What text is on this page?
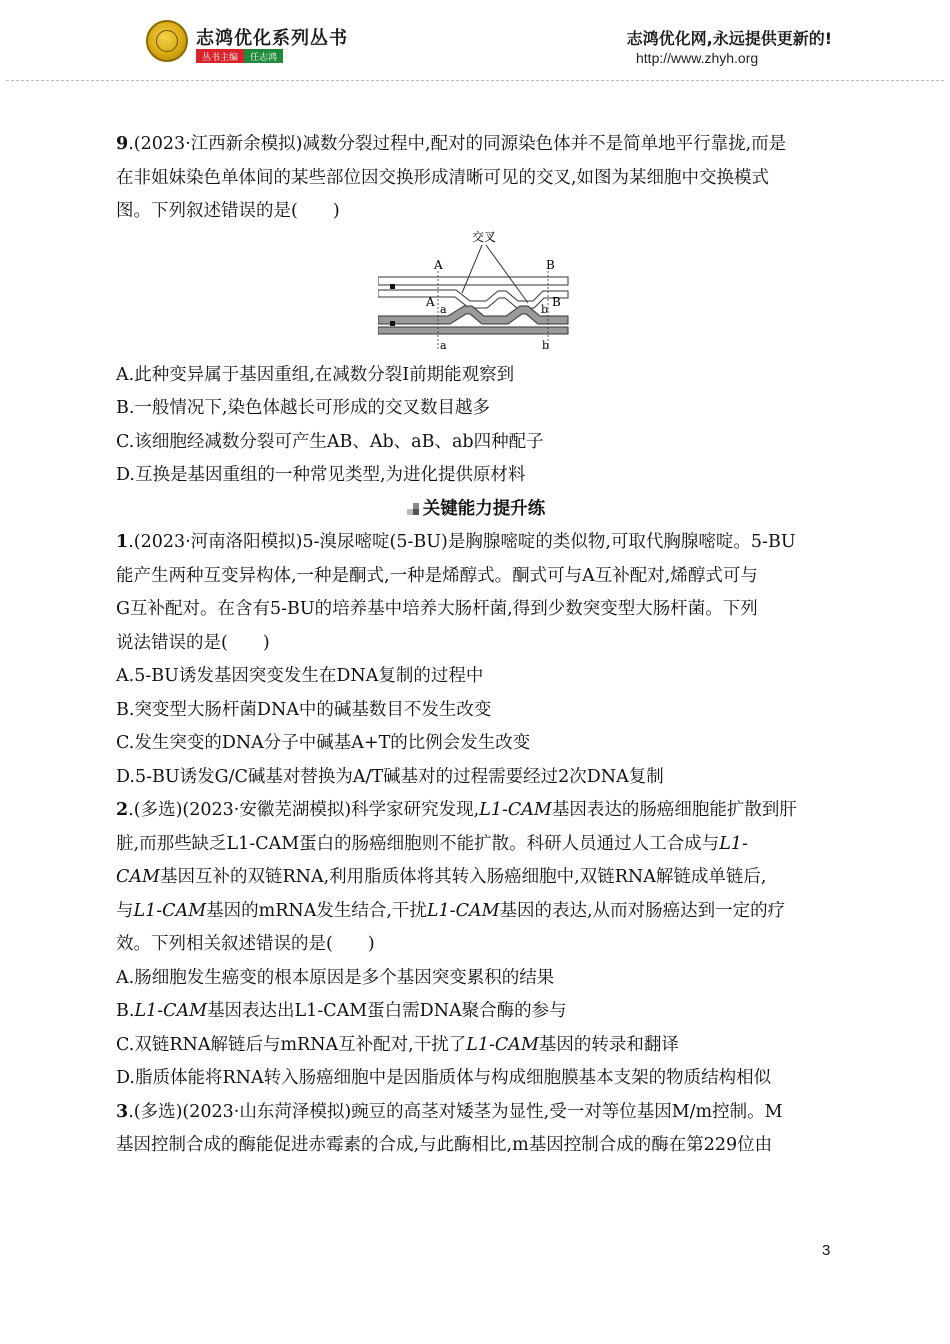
志鸿优化系列丛书
丛书主编	任志鸿
志鸿优化网,永远提供更新的!
http://www.zhyh.org
9.(2023·江西新余模拟)减数分裂过程中,配对的同源染色体并不是简单地平行靠拢,而是
在非姐妹染色单体间的某些部位因交换形成清晰可见的交叉,如图为某细胞中交换模式
图。下列叙述错误的是(　　)
交叉
A	B
A
a	b
B
a	b
A.此种变异属于基因重组,在减数分裂Ⅰ前期能观察到
B.一般情况下,染色体越长可形成的交叉数目越多
C.该细胞经减数分裂可产生AB、Ab、aB、ab四种配子
D.互换是基因重组的一种常见类型,为进化提供原材料
关键能力提升练
1.(2023·河南洛阳模拟)5-溴尿嘧啶(5-BU)是胸腺嘧啶的类似物,可取代胸腺嘧啶。5-BU
能产生两种互变异构体,一种是酮式,一种是烯醇式。酮式可与A互补配对,烯醇式可与
G互补配对。在含有5-BU的培养基中培养大肠杆菌,得到少数突变型大肠杆菌。下列
说法错误的是(　　)
A.5-BU诱发基因突变发生在DNA复制的过程中
B.突变型大肠杆菌DNA中的碱基数目不发生改变
C.发生突变的DNA分子中碱基A+T的比例会发生改变
D.5-BU诱发G/C碱基对替换为A/T碱基对的过程需要经过2次DNA复制
2.(多选)(2023·安徽芜湖模拟)科学家研究发现,L1-CAM基因表达的肠癌细胞能扩散到肝
脏,而那些缺乏L1-CAM蛋白的肠癌细胞则不能扩散。科研人员通过人工合成与L1-
CAM基因互补的双链RNA,利用脂质体将其转入肠癌细胞中,双链RNA解链成单链后,
与L1-CAM基因的mRNA发生结合,干扰L1-CAM基因的表达,从而对肠癌达到一定的疗
效。下列相关叙述错误的是(　　)
A.肠细胞发生癌变的根本原因是多个基因突变累积的结果
B.L1-CAM基因表达出L1-CAM蛋白需DNA聚合酶的参与
C.双链RNA解链后与mRNA互补配对,干扰了L1-CAM基因的转录和翻译
D.脂质体能将RNA转入肠癌细胞中是因脂质体与构成细胞膜基本支架的物质结构相似
3.(多选)(2023·山东菏泽模拟)豌豆的高茎对矮茎为显性,受一对等位基因M/m控制。M
基因控制合成的酶能促进赤霉素的合成,与此酶相比,m基因控制合成的酶在第229位由
3
